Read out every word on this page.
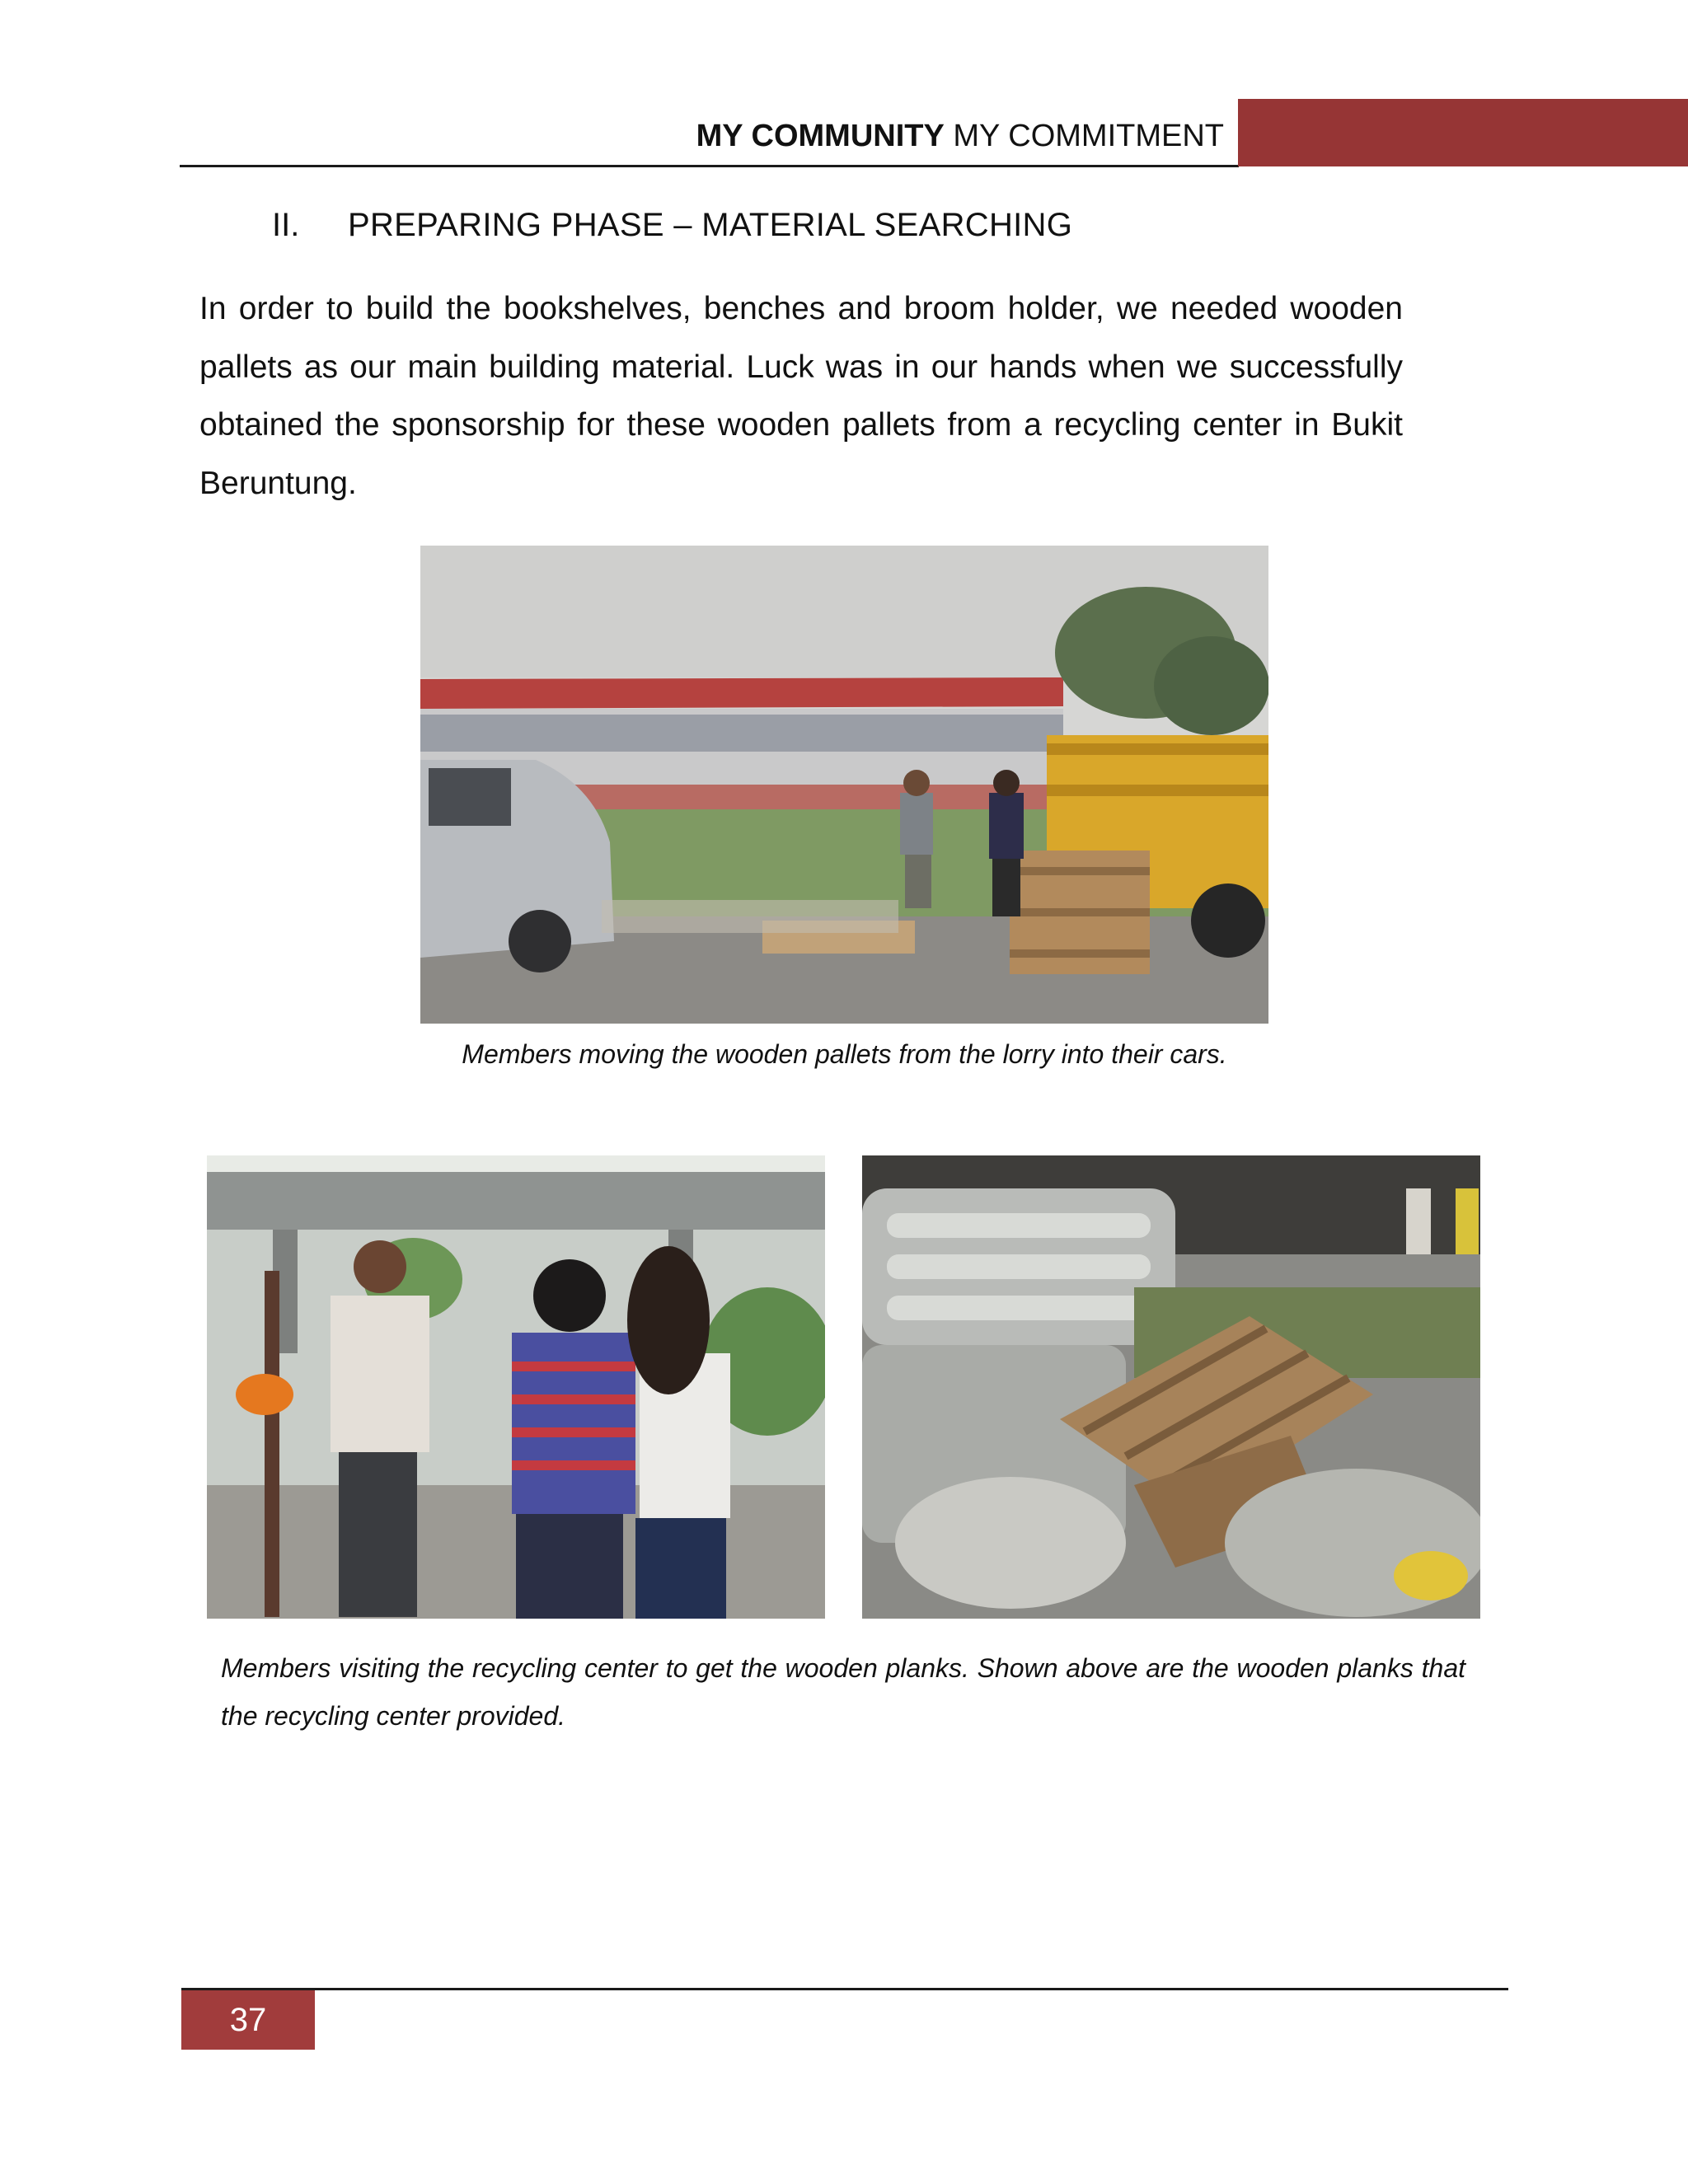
MY COMMUNITY MY COMMITMENT
II. PREPARING PHASE – MATERIAL SEARCHING
In order to build the bookshelves, benches and broom holder, we needed wooden pallets as our main building material. Luck was in our hands when we successfully obtained the sponsorship for these wooden pallets from a recycling center in Bukit Beruntung.
Members moving the wooden pallets from the lorry into their cars.
Members visiting the recycling center to get the wooden planks. Shown above are the wooden planks that the recycling center provided.
37
